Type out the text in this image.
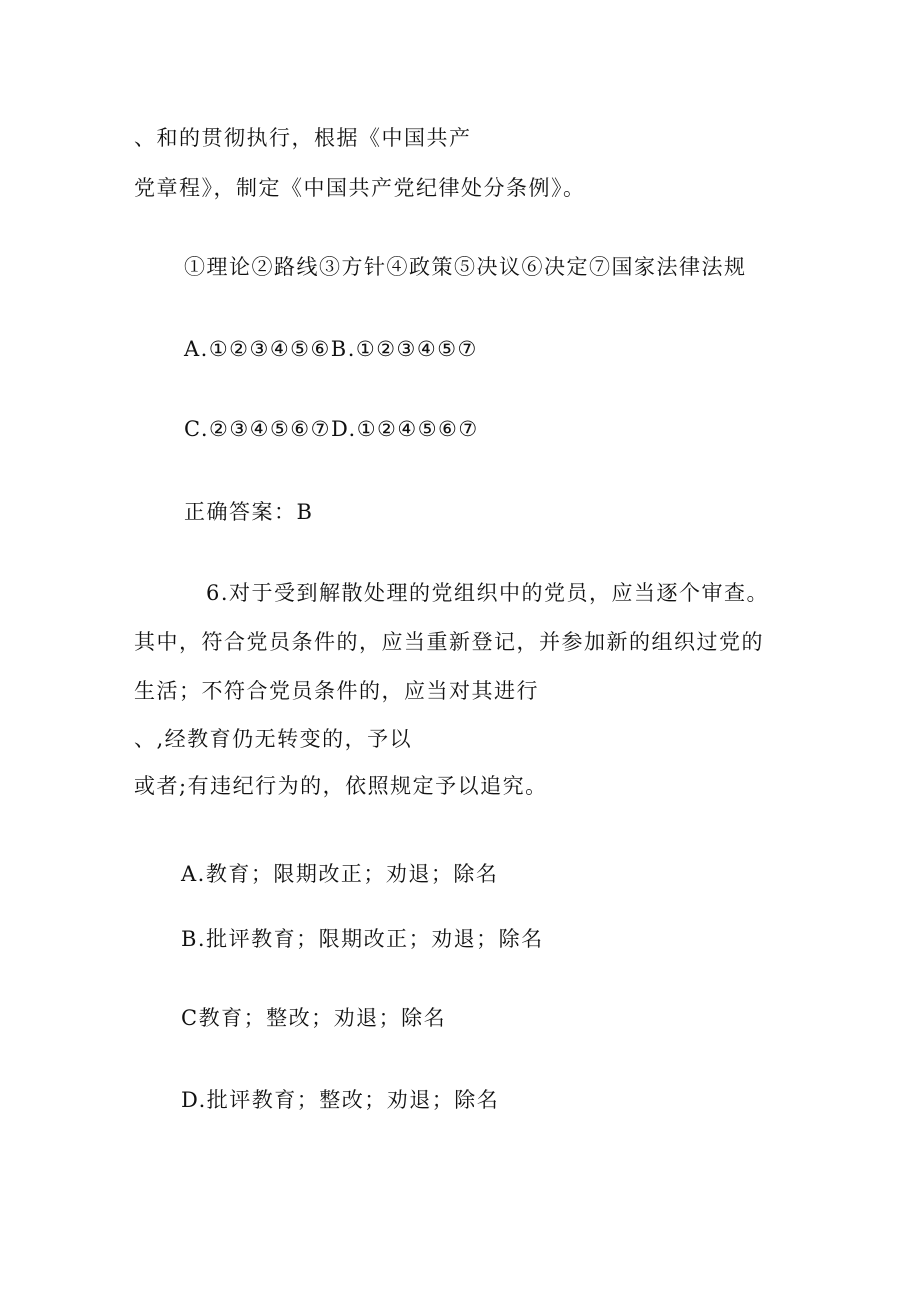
、和的贯彻执行，根据《中国共产
党章程》，制定《中国共产党纪律处分条例》。
①理论②路线③方针④政策⑤决议⑥决定⑦国家法律法规
A.①②③④⑤⑥B.①②③④⑤⑦
C.②③④⑤⑥⑦D.①②④⑤⑥⑦
正确答案：B
6.对于受到解散处理的党组织中的党员，应当逐个审查。
其中，符合党员条件的，应当重新登记，并参加新的组织过党的
生活；不符合党员条件的，应当对其进行
、,经教育仍无转变的，予以
或者;有违纪行为的，依照规定予以追究。
A.教育；限期改正；劝退；除名
B.批评教育；限期改正；劝退；除名
C教育；整改；劝退；除名
D.批评教育；整改；劝退；除名
